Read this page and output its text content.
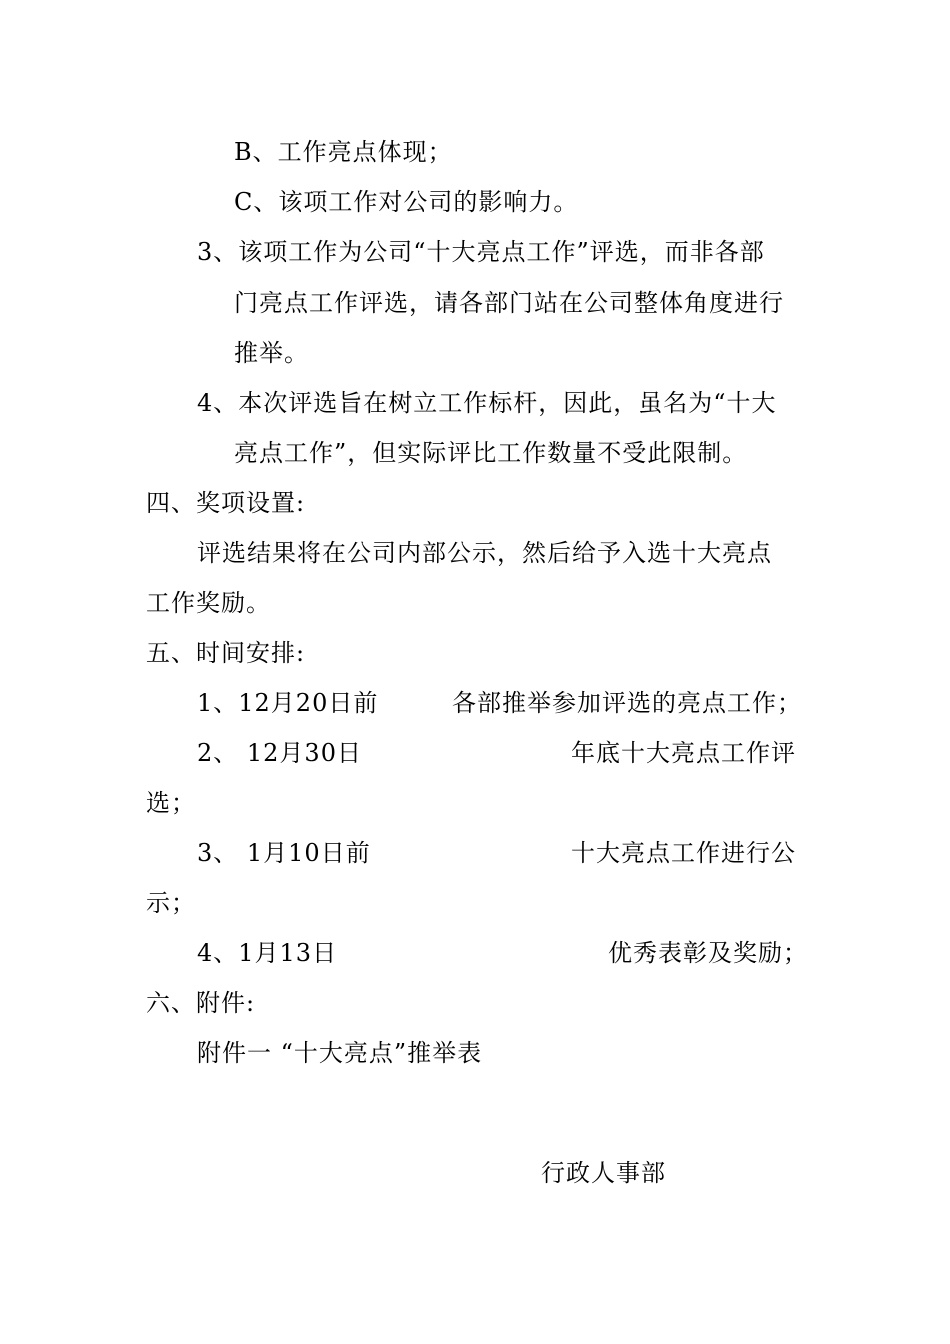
B、工作亮点体现；
C、该项工作对公司的影响力。
3、该项工作为公司“十大亮点工作”评选，而非各部
门亮点工作评选，请各部门站在公司整体角度进行
推举。
4、本次评选旨在树立工作标杆，因此，虽名为“十大
亮点工作”，但实际评比工作数量不受此限制。
四、奖项设置:
评选结果将在公司内部公示，然后给予入选十大亮点
工作奖励。
五、时间安排:
1、12月20日前	各部推举参加评选的亮点工作；
2、 12月30日	年底十大亮点工作评
选；
3、 1月10日前	十大亮点工作进行公
示；
4、1月13日	优秀表彰及奖励；
六、附件:
附件一 “十大亮点”推举表
行政人事部
